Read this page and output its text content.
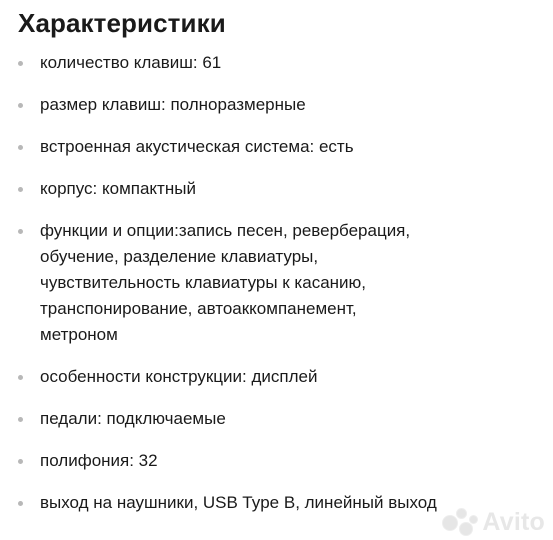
Характеристики
количество клавиш: 61
размер клавиш: полноразмерные
встроенная акустическая система: есть
корпус: компактный
функции и опции:запись песен, реверберация,
обучение, разделение клавиатуры,
чувствительность клавиатуры к касанию,
транспонирование, автоаккомпанемент,
метроном
особенности конструкции: дисплей
педали: подключаемые
полифония: 32
выход на наушники, USB Type B, линейный выход
Avito
